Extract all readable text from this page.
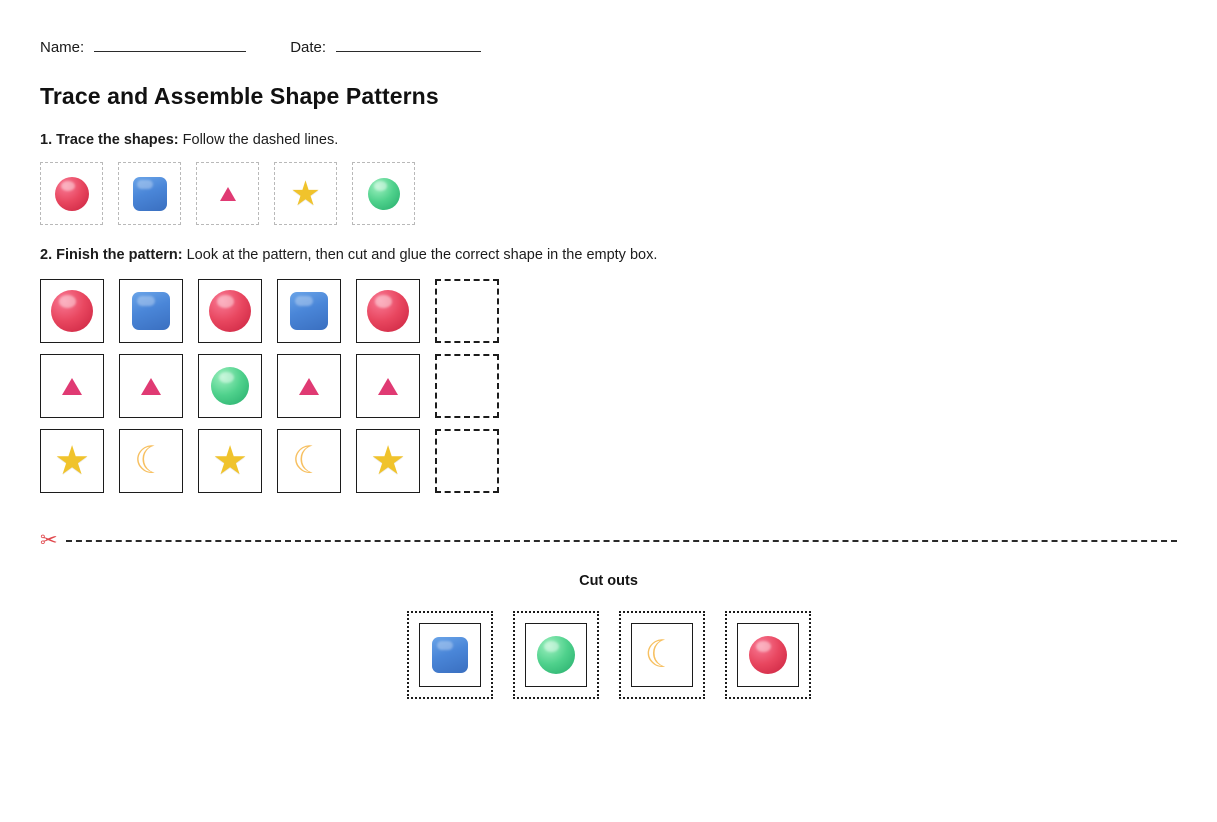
Name:	Date:
Trace and Assemble Shape Patterns
1. Trace the shapes: Follow the dashed lines.
★
2. Finish the pattern: Look at the pattern, then cut and glue the correct shape in the empty box.
★ ☾ ★ ☾ ★
✂
Cut outs
☾
